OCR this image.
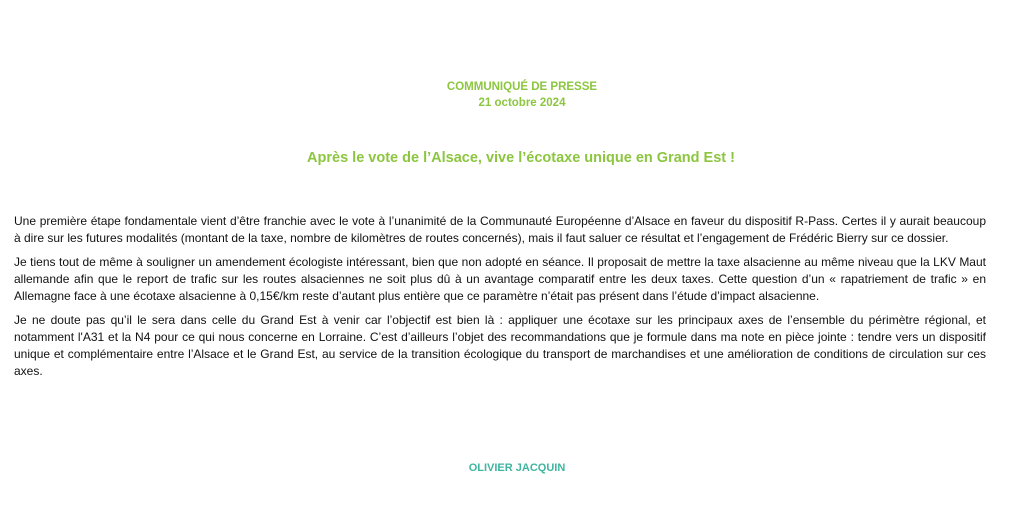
COMMUNIQUÉ DE PRESSE
21 octobre 2024
Après le vote de l’Alsace, vive l’écotaxe unique en Grand Est !

Une première étape fondamentale vient d’être franchie avec le vote à l’unanimité de la Communauté Européenne d’Alsace en faveur du dispositif R-Pass. Certes il y aurait beaucoup à dire sur les futures modalités (montant de la taxe, nombre de kilomètres de routes concernés), mais il faut saluer ce résultat et l’engagement de Frédéric Bierry sur ce dossier.

Je tiens tout de même à souligner un amendement écologiste intéressant, bien que non adopté en séance. Il proposait de mettre la taxe alsacienne au même niveau que la LKV Maut allemande afin que le report de trafic sur les routes alsaciennes ne soit plus dû à un avantage comparatif entre les deux taxes. Cette question d’un « rapatriement de trafic » en Allemagne face à une écotaxe alsacienne à 0,15€/km reste d’autant plus entière que ce paramètre n’était pas présent dans l’étude d’impact alsacienne.

Je ne doute pas qu’il le sera dans celle du Grand Est à venir car l’objectif est bien là : appliquer une écotaxe sur les principaux axes de l’ensemble du périmètre régional, et notamment l'A31 et la N4 pour ce qui nous concerne en Lorraine. C’est d’ailleurs l’objet des recommandations que je formule dans ma note en pièce jointe : tendre vers un dispositif unique et complémentaire entre l’Alsace et le Grand Est, au service de la transition écologique du transport de marchandises et une amélioration de conditions de circulation sur ces axes.

OLIVIER JACQUIN
